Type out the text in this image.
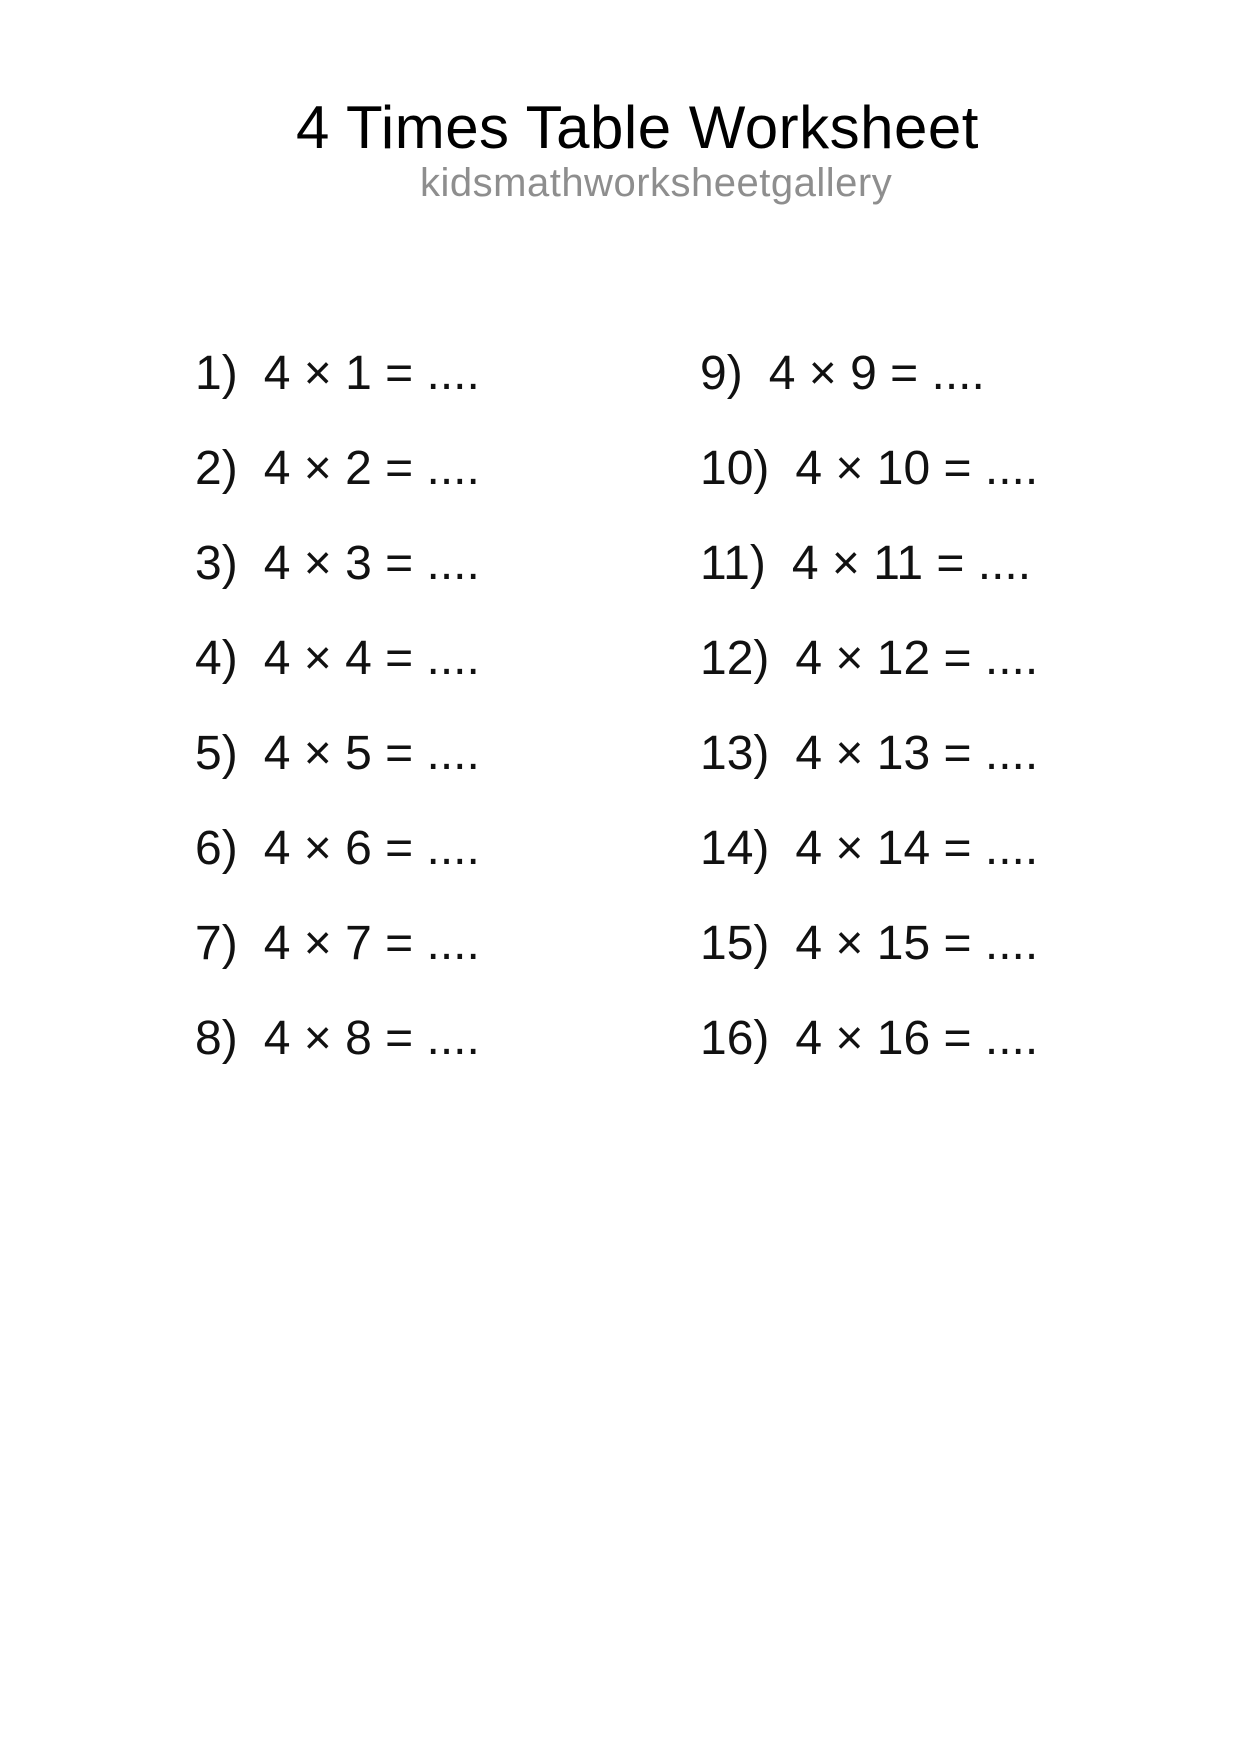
4 Times Table Worksheet
kidsmathworksheetgallery
1) 4 × 1 = ....
2) 4 × 2 = ....
3) 4 × 3 = ....
4) 4 × 4 = ....
5) 4 × 5 = ....
6) 4 × 6 = ....
7) 4 × 7 = ....
8) 4 × 8 = ....
9) 4 × 9 = ....
10) 4 × 10 = ....
11) 4 × 11 = ....
12) 4 × 12 = ....
13) 4 × 13 = ....
14) 4 × 14 = ....
15) 4 × 15 = ....
16) 4 × 16 = ....
